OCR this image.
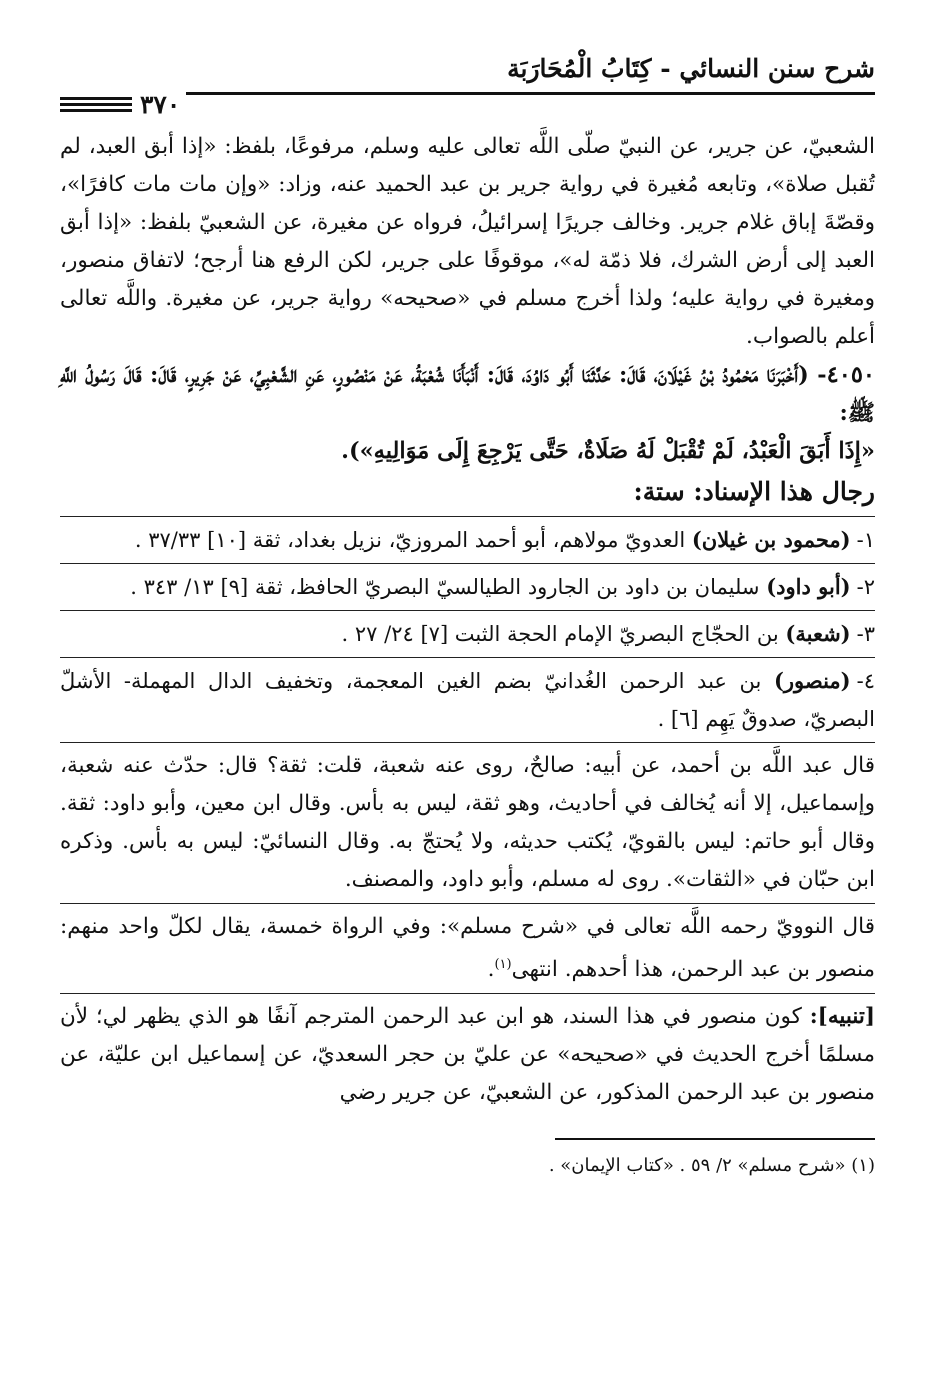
شرح سنن النسائي - كِتَابُ الْمُحَارَبَة
٣٧٠

الشعبيّ، عن جرير، عن النبيّ صلّى اللَّه تعالى عليه وسلم، مرفوعًا، بلفظ: «إذا أبق العبد، لم تُقبل صلاة»، وتابعه مُغيرة في رواية جرير بن عبد الحميد عنه، وزاد: «وإن مات مات كافرًا»، وقصّةَ إباق غلام جرير. وخالف جريرًا إسرائيلُ، فرواه عن مغيرة، عن الشعبيّ بلفظ: «إذا أبق العبد إلى أرض الشرك، فلا ذمّة له»، موقوفًا على جرير، لكن الرفع هنا أرجح؛ لاتفاق منصور، ومغيرة في رواية عليه؛ ولذا أخرج مسلم في «صحيحه» رواية جرير، عن مغيرة. واللَّه تعالى أعلم بالصواب.

٤٠٥٠- (أَخْبَرَنَا مَحْمُودُ بْنُ غَيْلَانَ، قَالَ: حَدَّثَنَا أَبُو دَاوُدَ، قَالَ: أَنْبَأَنَا شُعْبَةُ، عَنْ مَنْصُورٍ، عَنِ الشَّعْبِيِّ، عَنْ جَرِيرٍ، قَالَ: قَالَ رَسُولُ اللَّهِ ﷺ:

«إِذَا أَبَقَ الْعَبْدُ، لَمْ تُقْبَلْ لَهُ صَلَاةٌ، حَتَّى يَرْجِعَ إِلَى مَوَالِيهِ»).

رجال هذا الإسناد: ستة:

١-(محمود بن غيلان) العدويّ مولاهم، أبو أحمد المروزيّ، نزيل بغداد، ثقة [١٠] ٣٧/٣٣ .

٢-(أبو داود) سليمان بن داود بن الجارود الطيالسيّ البصريّ الحافظ، ثقة [٩] ١٣/ ٣٤٣ .

٣-(شعبة) بن الحجّاج البصريّ الإمام الحجة الثبت [٧] ٢٤/ ٢٧ .

٤-(منصور) بن عبد الرحمن الغُدانيّ بضم الغين المعجمة، وتخفيف الدال المهملة- الأشلّ البصريّ، صدوقٌ يَهِم [٦] .

قال عبد اللَّه بن أحمد، عن أبيه: صالحٌ، روى عنه شعبة، قلت: ثقة؟ قال: حدّث عنه شعبة، وإسماعيل، إلا أنه يُخالف في أحاديث، وهو ثقة، ليس به بأس. وقال ابن معين، وأبو داود: ثقة. وقال أبو حاتم: ليس بالقويّ، يُكتب حديثه، ولا يُحتجّ به. وقال النسائيّ: ليس به بأس. وذكره ابن حبّان في «الثقات». روى له مسلم، وأبو داود، والمصنف.

قال النوويّ رحمه اللَّه تعالى في «شرح مسلم»: وفي الرواة خمسة، يقال لكلّ واحد منهم: منصور بن عبد الرحمن، هذا أحدهم. انتهى$^{(١)}$.

[تنبيه]: كون منصور في هذا السند، هو ابن عبد الرحمن المترجم آنفًا هو الذي يظهر لي؛ لأن مسلمًا أخرج الحديث في «صحيحه» عن عليّ بن حجر السعديّ، عن إسماعيل ابن عليّة، عن منصور بن عبد الرحمن المذكور، عن الشعبيّ، عن جرير رضي

(١) «شرح مسلم» ٢/ ٥٩ . «كتاب الإيمان» .
